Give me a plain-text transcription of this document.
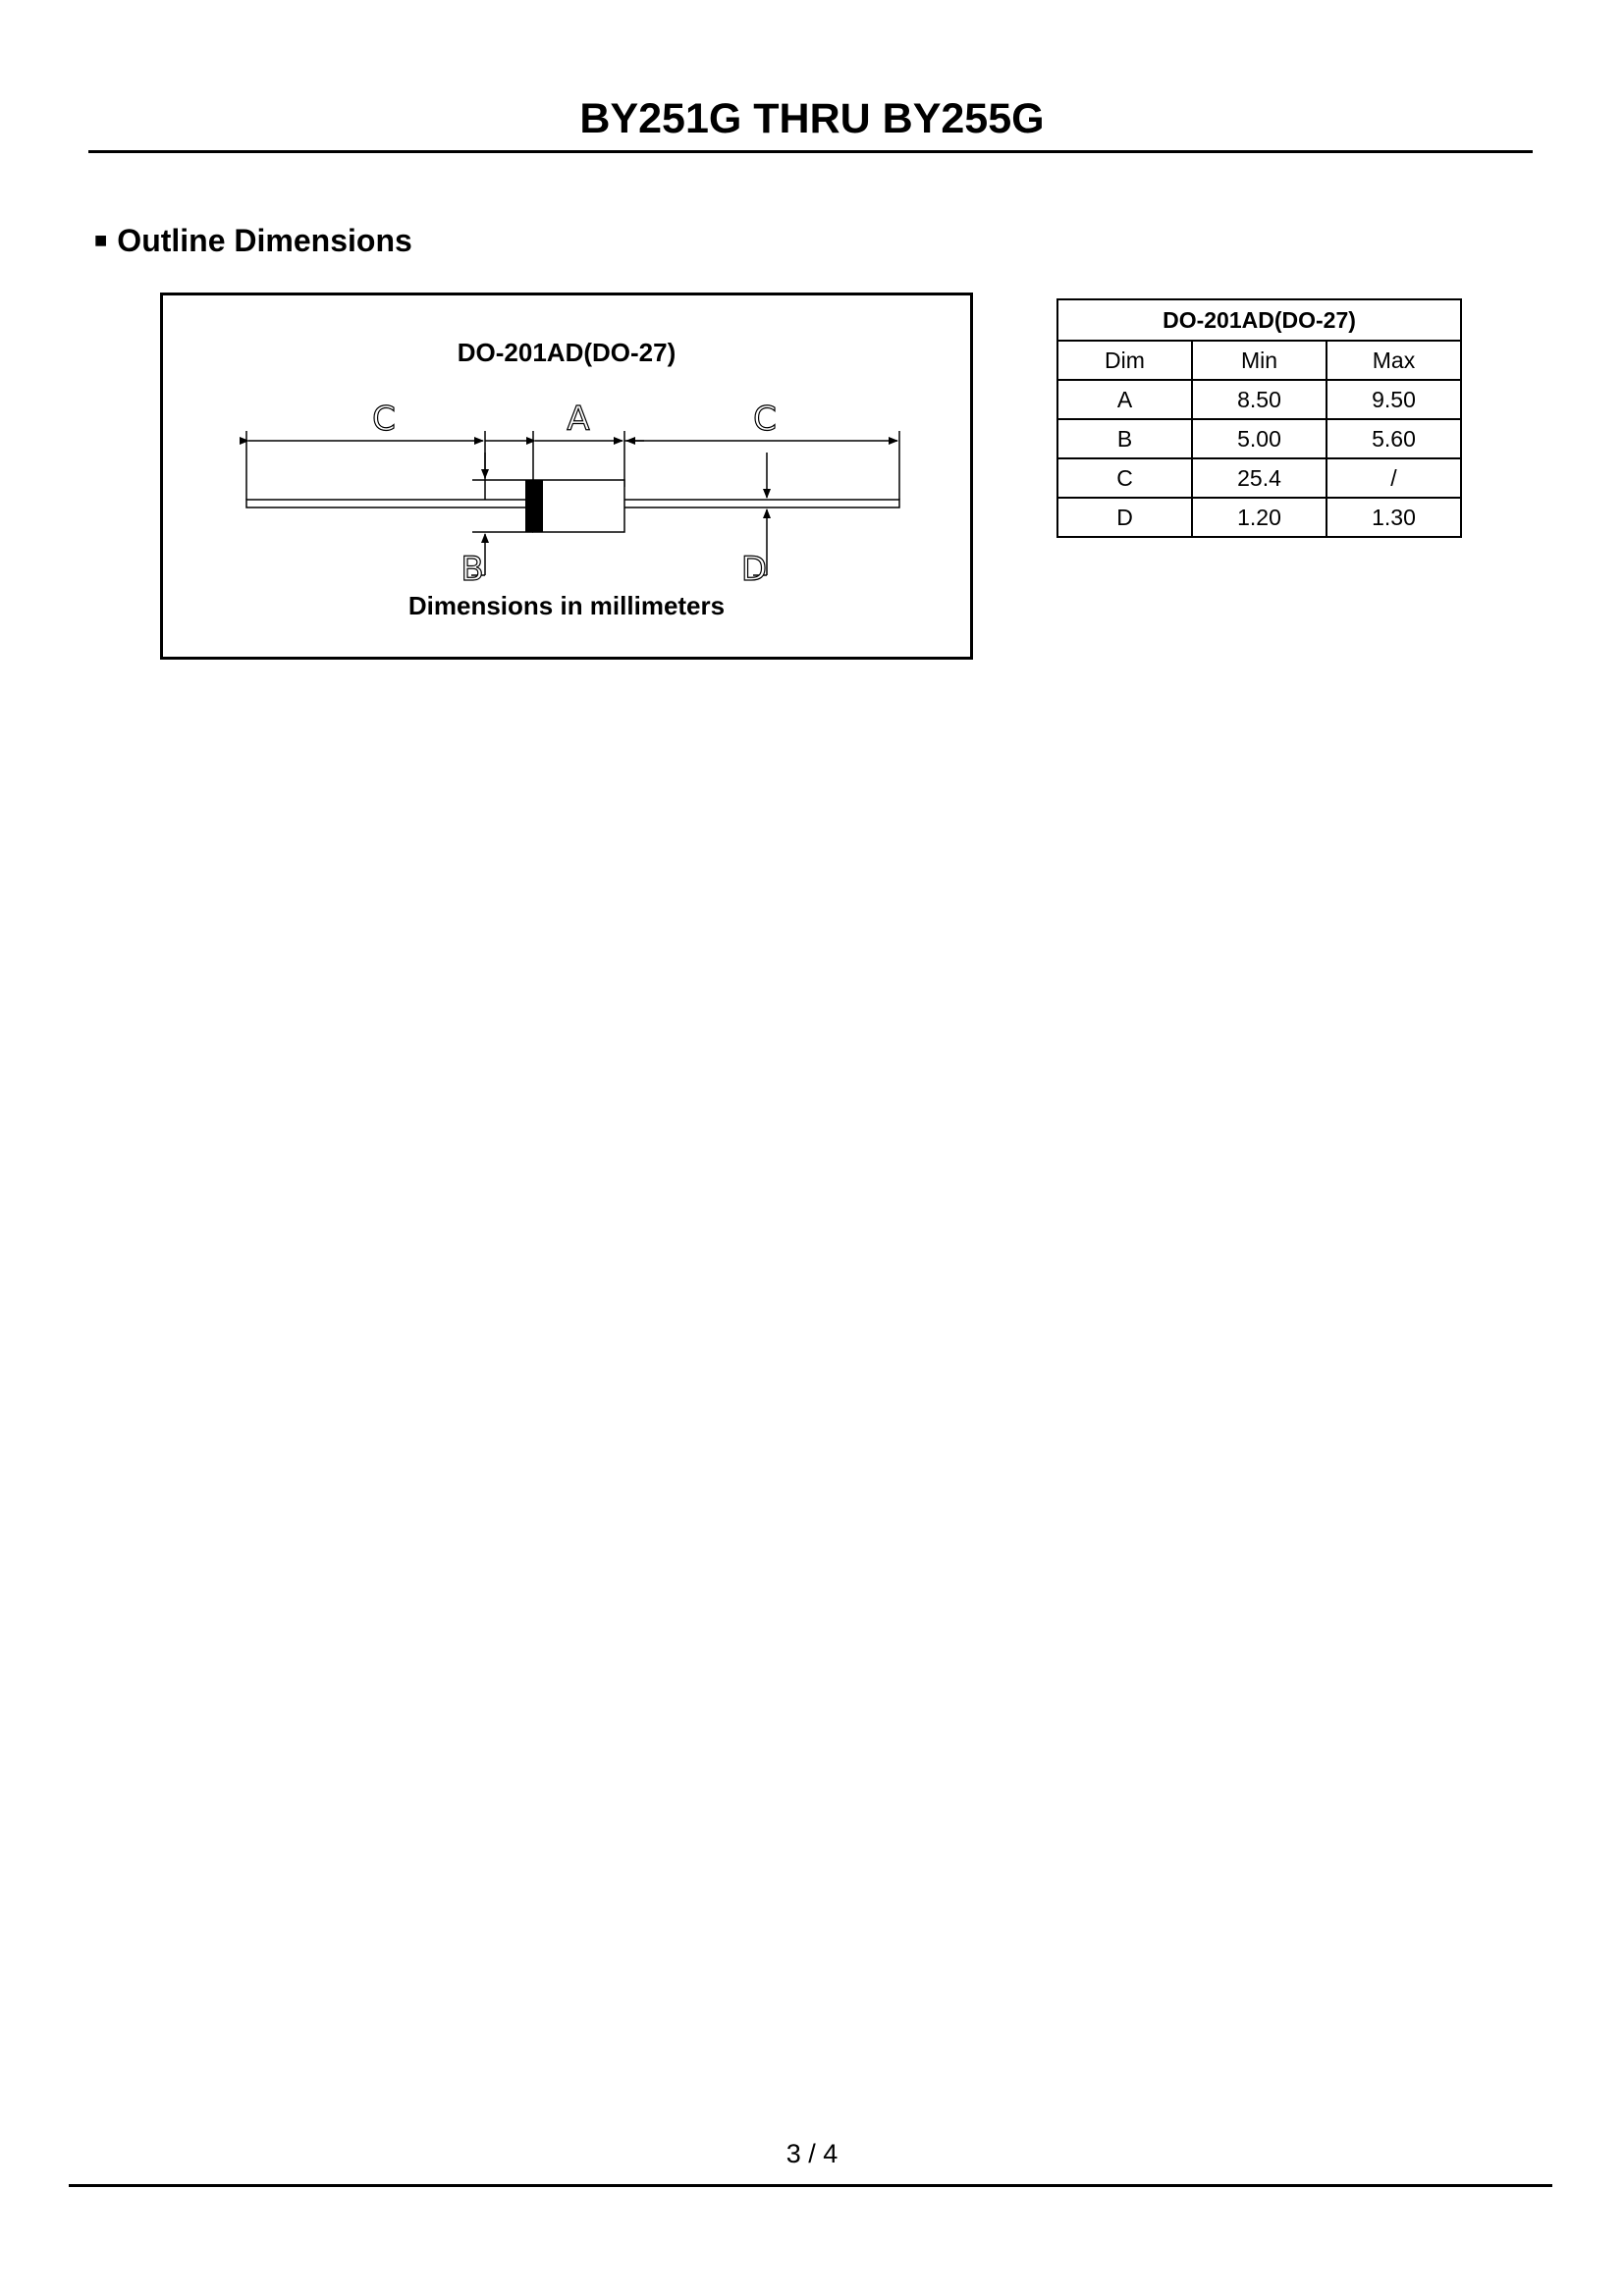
BY251G THRU BY255G
■ Outline Dimensions
DO-201AD(DO-27)
C	A	C
B	D
Dimensions in millimeters
DO-201AD(DO-27)		
Dim	Min	Max
A	8.50	9.50
B	5.00	5.60
C	25.4	/
D	1.20	1.30
3 / 4
